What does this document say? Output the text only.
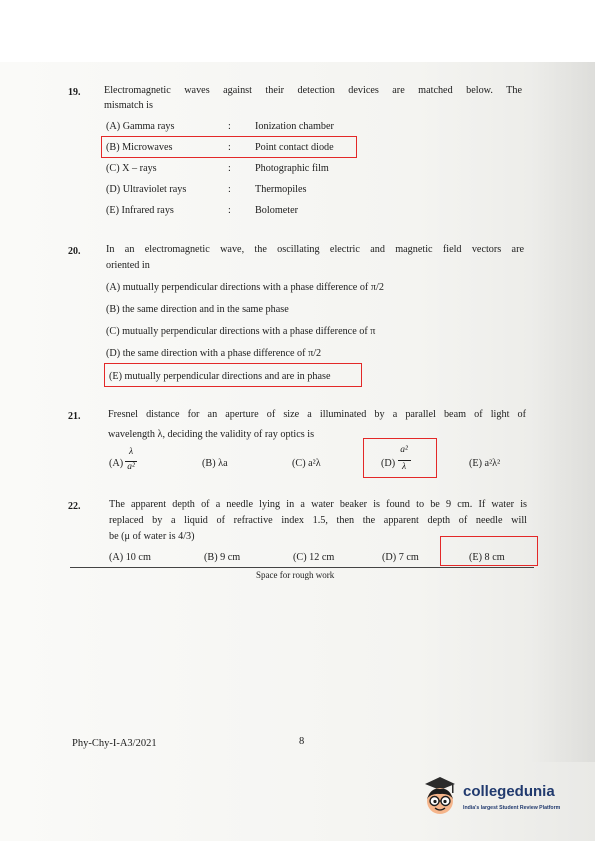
19. Electromagnetic waves against their detection devices are matched below. The
mismatch is
(A) Gamma rays	: Ionization chamber
(B) Microwaves	: Point contact diode
(C) X – rays	: Photographic film
(D) Ultraviolet rays	: Thermopiles
(E) Infrared rays	: Bolometer
20.	In an electromagnetic wave, the oscillating electric and magnetic field vectors are
oriented in
(A) mutually perpendicular directions with a phase difference of π/2
(B) the same direction and in the same phase
(C) mutually perpendicular directions with a phase difference of π
(D) the same direction with a phase difference of π/2
(E) mutually perpendicular directions and are in phase
21.	Fresnel distance for an aperture of size a illuminated by a parallel beam of light of
wavelength λ, deciding the validity of ray optics is
(A)
λ
a²	(B) λa	(C) a²λ	(D)
a²
λ	(E) a²λ²
22.	The apparent depth of a needle lying in a water beaker is found to be 9 cm. If water is
replaced by a liquid of refractive index 1.5, then the apparent depth of needle will
be (μ of water is 4/3)
(A) 10 cm	(B) 9 cm	(C) 12 cm	(D) 7 cm	(E) 8 cm
Space for rough work
Phy-Chy-I-A3/2021	8
collegedunia
India's largest Student Review Platform
